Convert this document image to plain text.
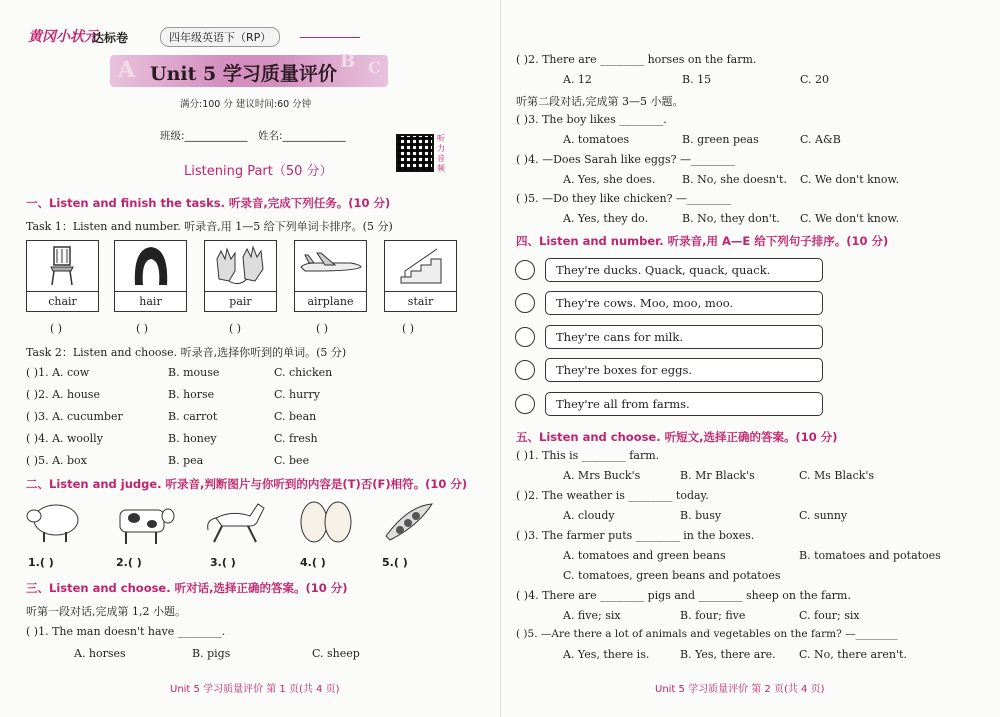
黄冈小状元
达标卷	四年级英语下（RP）
A	B C
Unit 5 学习质量评价
满分:100 分 建议时间:60 分钟
班级:____________ 姓名:____________	听力音频
Listening Part（50 分）
一、Listen and finish the tasks. 听录音,完成下列任务。(10 分)
Task 1：Listen and number. 听录音,用 1—5 给下列单词卡排序。(5 分)
chair	hair	pair	airplane	stair
( )	( )	( )	( )	( )
Task 2：Listen and choose. 听录音,选择你听到的单词。(5 分)
( )1. A. cow	B. mouse	C. chicken
( )2. A. house	B. horse	C. hurry
( )3. A. cucumber	B. carrot	C. bean
( )4. A. woolly	B. honey	C. fresh
( )5. A. box	B. pea	C. bee
二、Listen and judge. 听录音,判断图片与你听到的内容是(T)否(F)相符。(10 分)
1.( )	2.( )	3.( )	4.( )	5.( )
三、Listen and choose. 听对话,选择正确的答案。(10 分)
听第一段对话,完成第 1,2 小题。
( )1. The man doesn't have ________.
A. horses	B. pigs	C. sheep
Unit 5 学习质量评价 第 1 页(共 4 页)
( )2. There are ________ horses on the farm.
A. 12	B. 15	C. 20
听第二段对话,完成第 3—5 小题。
( )3. The boy likes ________.
A. tomatoes	B. green peas	C. A&B
( )4. —Does Sarah like eggs? —________
A. Yes, she does. B. No, she doesn't. C. We don't know.
( )5. —Do they like chicken? —________
A. Yes, they do.	B. No, they don't. C. We don't know.
四、Listen and number. 听录音,用 A—E 给下列句子排序。(10 分)
They're ducks. Quack, quack, quack.
They're cows. Moo, moo, moo.
They're cans for milk.
They're boxes for eggs.
They're all from farms.
五、Listen and choose. 听短文,选择正确的答案。(10 分)
( )1. This is ________ farm.
A. Mrs Buck's	B. Mr Black's	C. Ms Black's
( )2. The weather is ________ today.
A. cloudy	B. busy	C. sunny
( )3. The farmer puts ________ in the boxes.
A. tomatoes and green beans	B. tomatoes and potatoes
C. tomatoes, green beans and potatoes
( )4. There are ________ pigs and ________ sheep on the farm.
A. five; six	B. four; five	C. four; six
( )5. —Are there a lot of animals and vegetables on the farm? —________
A. Yes, there is.	B. Yes, there are. C. No, there aren't.
Unit 5 学习质量评价 第 2 页(共 4 页)
